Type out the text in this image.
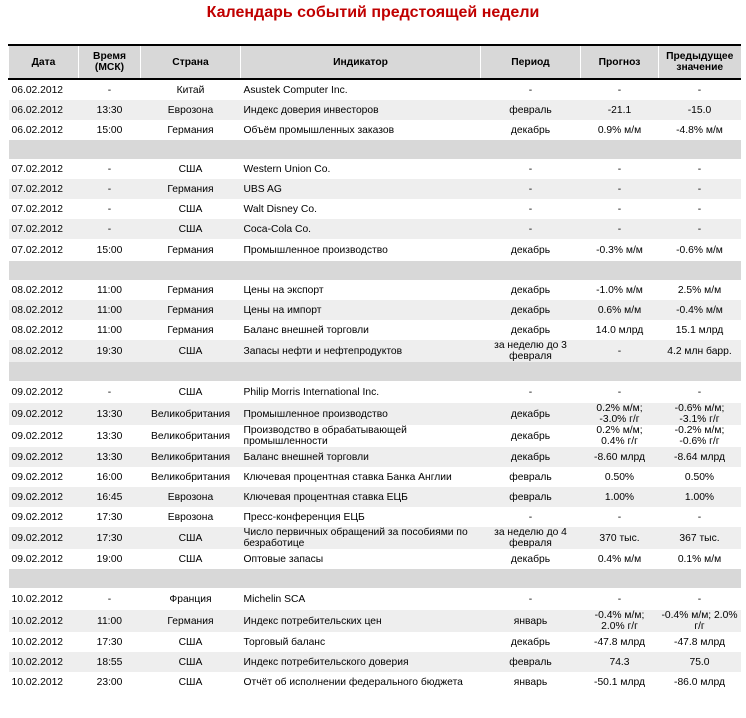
Календарь событий предстоящей недели
Дата	Время (МСК)	Страна	Индикатор	Период	Прогноз	Предыдущее значение
06.02.2012	-	Китай	Asustek Computer Inc.	-	-	-
06.02.2012	13:30	Еврозона	Индекс доверия инвесторов	февраль	-21.1	-15.0
06.02.2012	15:00	Германия	Объём промышленных заказов	декабрь	0.9% м/м	-4.8% м/м

07.02.2012	-	США	Western Union Co.	-	-	-
07.02.2012	-	Германия	UBS AG	-	-	-
07.02.2012	-	США	Walt Disney Co.	-	-	-
07.02.2012	-	США	Coca-Cola Co.	-	-	-
07.02.2012	15:00	Германия	Промышленное производство	декабрь	-0.3% м/м	-0.6% м/м

08.02.2012	11:00	Германия	Цены на экспорт	декабрь	-1.0% м/м	2.5% м/м
08.02.2012	11:00	Германия	Цены на импорт	декабрь	0.6% м/м	-0.4% м/м
08.02.2012	11:00	Германия	Баланс внешней торговли	декабрь	14.0 млрд	15.1 млрд
08.02.2012	19:30	США	Запасы нефти и нефтепродуктов	за неделю до 3 февраля	-	4.2 млн барр.

09.02.2012	-	США	Philip Morris International Inc.	-	-	-
09.02.2012	13:30	Великобритания	Промышленное производство	декабрь	0.2% м/м; -3.0% г/г	-0.6% м/м; -3.1% г/г
09.02.2012	13:30	Великобритания	Производство в обрабатывающей промышленности	декабрь	0.2% м/м; 0.4% г/г	-0.2% м/м; -0.6% г/г
09.02.2012	13:30	Великобритания	Баланс внешней торговли	декабрь	-8.60 млрд	-8.64 млрд
09.02.2012	16:00	Великобритания	Ключевая процентная ставка Банка Англии	февраль	0.50%	0.50%
09.02.2012	16:45	Еврозона	Ключевая процентная ставка ЕЦБ	февраль	1.00%	1.00%
09.02.2012	17:30	Еврозона	Пресс-конференция ЕЦБ	-	-	-
09.02.2012	17:30	США	Число первичных обращений за пособиями по безработице	за неделю до 4 февраля	370 тыс.	367 тыс.
09.02.2012	19:00	США	Оптовые запасы	декабрь	0.4% м/м	0.1% м/м

10.02.2012	-	Франция	Michelin SCA	-	-	-
10.02.2012	11:00	Германия	Индекс потребительских цен	январь	-0.4% м/м; 2.0% г/г	-0.4% м/м; 2.0% г/г
10.02.2012	17:30	США	Торговый баланс	декабрь	-47.8 млрд	-47.8 млрд
10.02.2012	18:55	США	Индекс потребительского доверия	февраль	74.3	75.0
10.02.2012	23:00	США	Отчёт об исполнении федерального бюджета	январь	-50.1 млрд	-86.0 млрд
